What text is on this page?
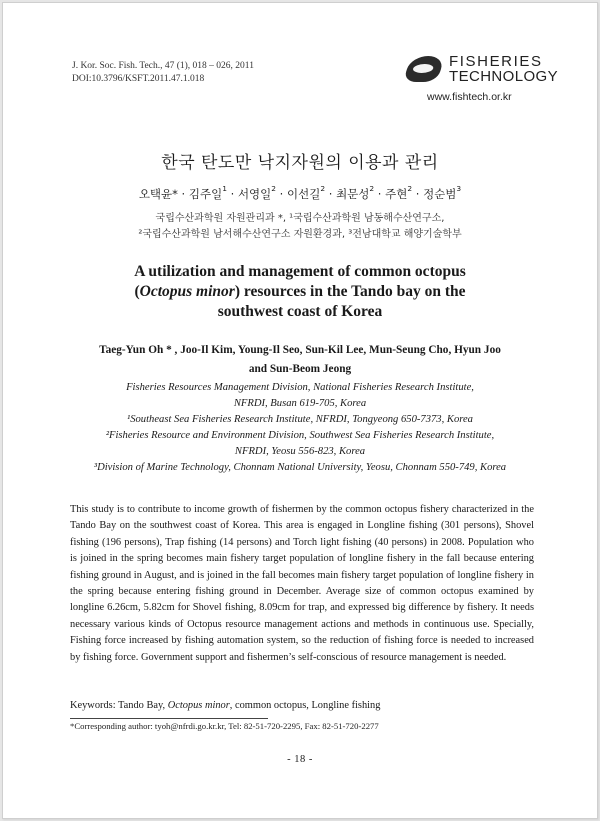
J. Kor. Soc. Fish. Tech., 47 (1), 018 – 026, 2011
DOI:10.3796/KSFT.2011.47.1.018
FISHERIES
TECHNOLOGY
www.fishtech.or.kr
한국 탄도만 낙지자원의 이용과 관리
오택윤* · 김주일$^1$ · 서영일$^2$ · 이선길$^2$ · 최문성$^2$ · 주현$^2$ · 정순범$^3$
국립수산과학원 자원관리과 *, ¹국립수산과학원 남동해수산연구소,
²국립수산과학원 남서해수산연구소 자원환경과, ³전남대학교 해양기술학부
A utilization and management of common octopus
(Octopus minor) resources in the Tando bay on the
southwest coast of Korea
Taeg-Yun Oh * , Joo-Il Kim, Young-Il Seo, Sun-Kil Lee, Mun-Seung Cho, Hyun Joo
and Sun-Beom Jeong
Fisheries Resources Management Division, National Fisheries Research Institute,
NFRDI, Busan 619-705, Korea
¹Southeast Sea Fisheries Research Institute, NFRDI, Tongyeong 650-7373, Korea
²Fisheries Resource and Environment Division, Southwest Sea Fisheries Research Institute,
NFRDI, Yeosu 556-823, Korea
³Division of Marine Technology, Chonnam National University, Yeosu, Chonnam 550-749, Korea
This study is to contribute to income growth of fishermen by the common octopus fishery characterized in the Tando Bay on the southwest coast of Korea. This area is engaged in Longline fishing (301 persons), Shovel fishing (196 persons), Trap fishing (14 persons) and Torch light fishing (40 persons) in 2008. Population who is joined in the spring becomes main fishery target population of longline fishery in the fall because entering fishing ground in August, and is joined in the fall becomes main fishery target population of longline fishery in the spring because entering fishing ground in December. Average size of common octopus examined by longline 6.26cm, 5.82cm for Shovel fishing, 8.09cm for trap, and expressed big difference by fishery. It needs necessary various kinds of Octopus resource management actions and methods in continuous use. Specially, Fishing force increased by fishing automation system, so the reduction of fishing force is needed to increased by fishing force. Government support and fishermen’s self-conscious of resource management is needed.
Keywords: Tando Bay, Octopus minor, common octopus, Longline fishing
*Corresponding author: tyoh@nfrdi.go.kr.kr, Tel: 82-51-720-2295, Fax: 82-51-720-2277
- 18 -
